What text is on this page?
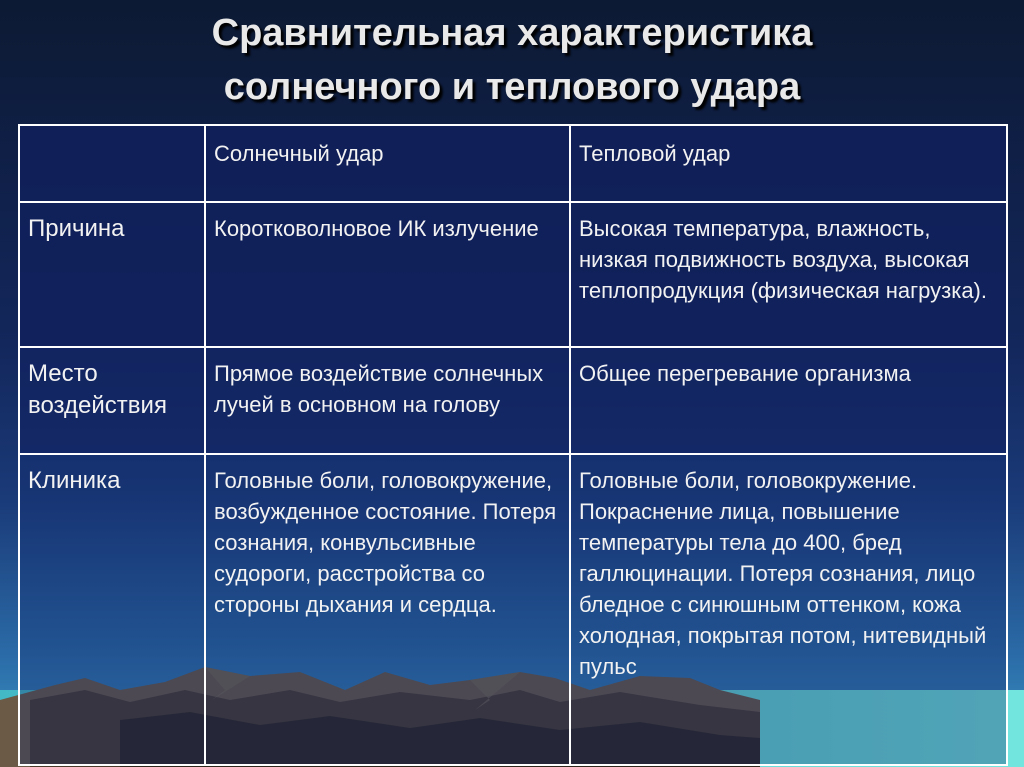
Сравнительная характеристика
солнечного и теплового удара
	Солнечный удар	Тепловой удар
Причина	Коротковолновое ИК излучение	Высокая температура, влажность, низкая подвижность воздуха, высокая теплопродукция (физическая нагрузка).
Место воздействия	Прямое воздействие солнечных лучей в основном на голову	Общее перегревание организма
Клиника	Головные боли, головокружение, возбужденное состояние. Потеря сознания, конвульсивные судороги, расстройства со стороны дыхания и сердца.	Головные боли, головокружение. Покраснение лица, повышение температуры тела до 400, бред галлюцинации. Потеря сознания, лицо бледное с синюшным оттенком, кожа холодная, покрытая потом, нитевидный пульс
